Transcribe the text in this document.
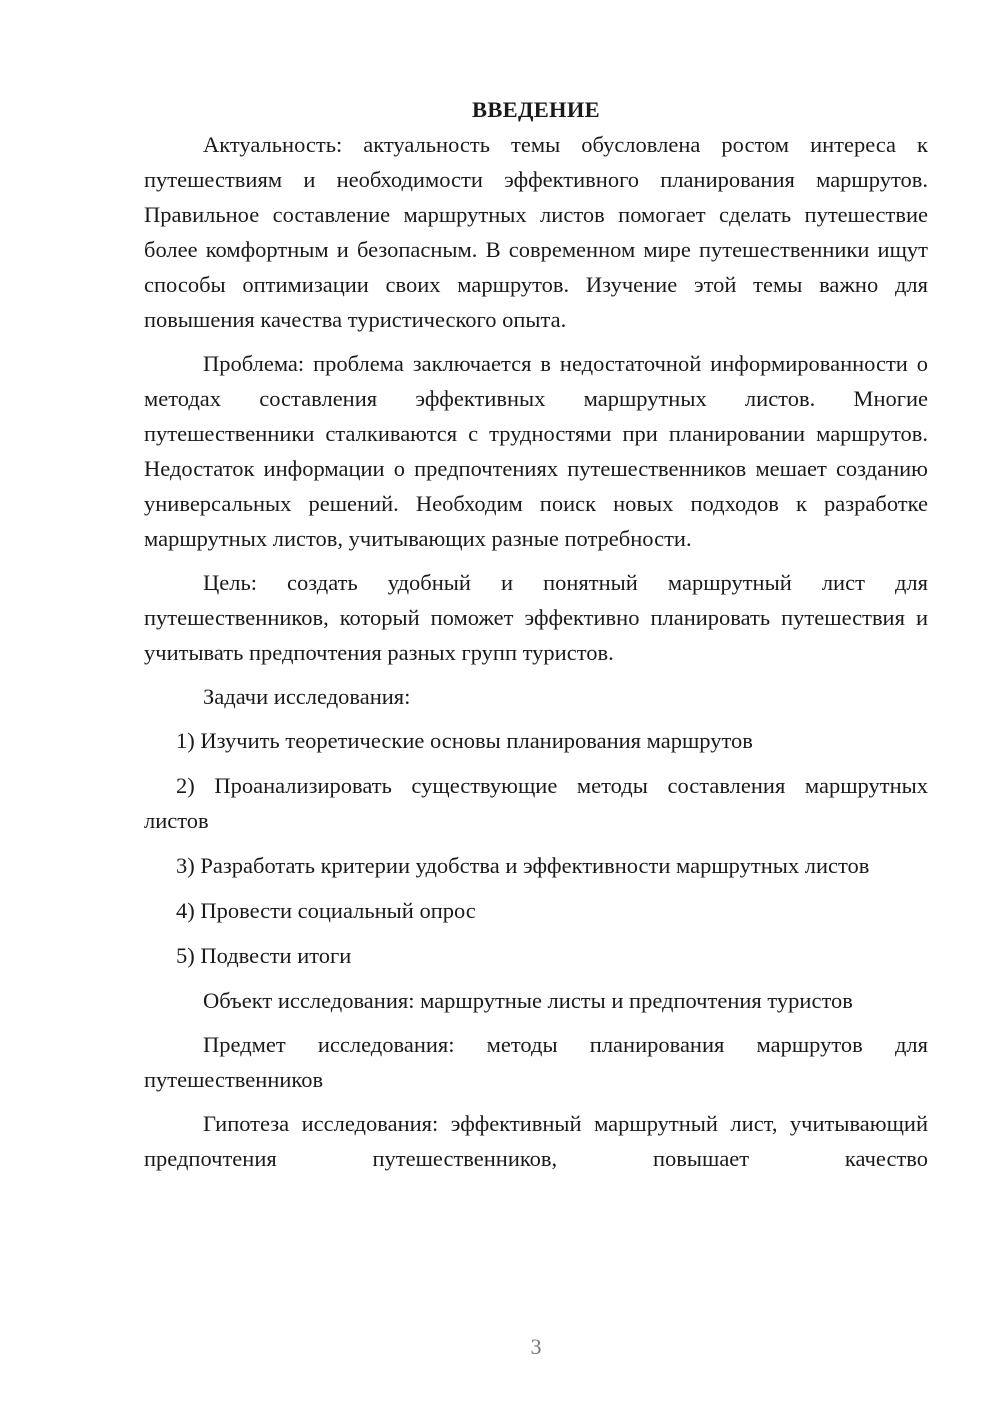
ВВЕДЕНИЕ

Актуальность: актуальность темы обусловлена ростом интереса к путешествиям и необходимости эффективного планирования маршрутов. Правильное составление маршрутных листов помогает сделать путешествие более комфортным и безопасным. В современном мире путешественники ищут способы оптимизации своих маршрутов. Изучение этой темы важно для повышения качества туристического опыта.

Проблема: проблема заключается в недостаточной информированности о методах составления эффективных маршрутных листов. Многие путешественники сталкиваются с трудностями при планировании маршрутов. Недостаток информации о предпочтениях путешественников мешает созданию универсальных решений. Необходим поиск новых подходов к разработке маршрутных листов, учитывающих разные потребности.

Цель: создать удобный и понятный маршрутный лист для путешественников, который поможет эффективно планировать путешествия и учитывать предпочтения разных групп туристов.

Задачи исследования:

1) Изучить теоретические основы планирования маршрутов

2) Проанализировать существующие методы составления маршрутных листов

3) Разработать критерии удобства и эффективности маршрутных листов

4) Провести социальный опрос

5) Подвести итоги

Объект исследования: маршрутные листы и предпочтения туристов

Предмет исследования: методы планирования маршрутов для путешественников

Гипотеза исследования: эффективный маршрутный лист, учитывающий предпочтения путешественников, повышает качество

3
